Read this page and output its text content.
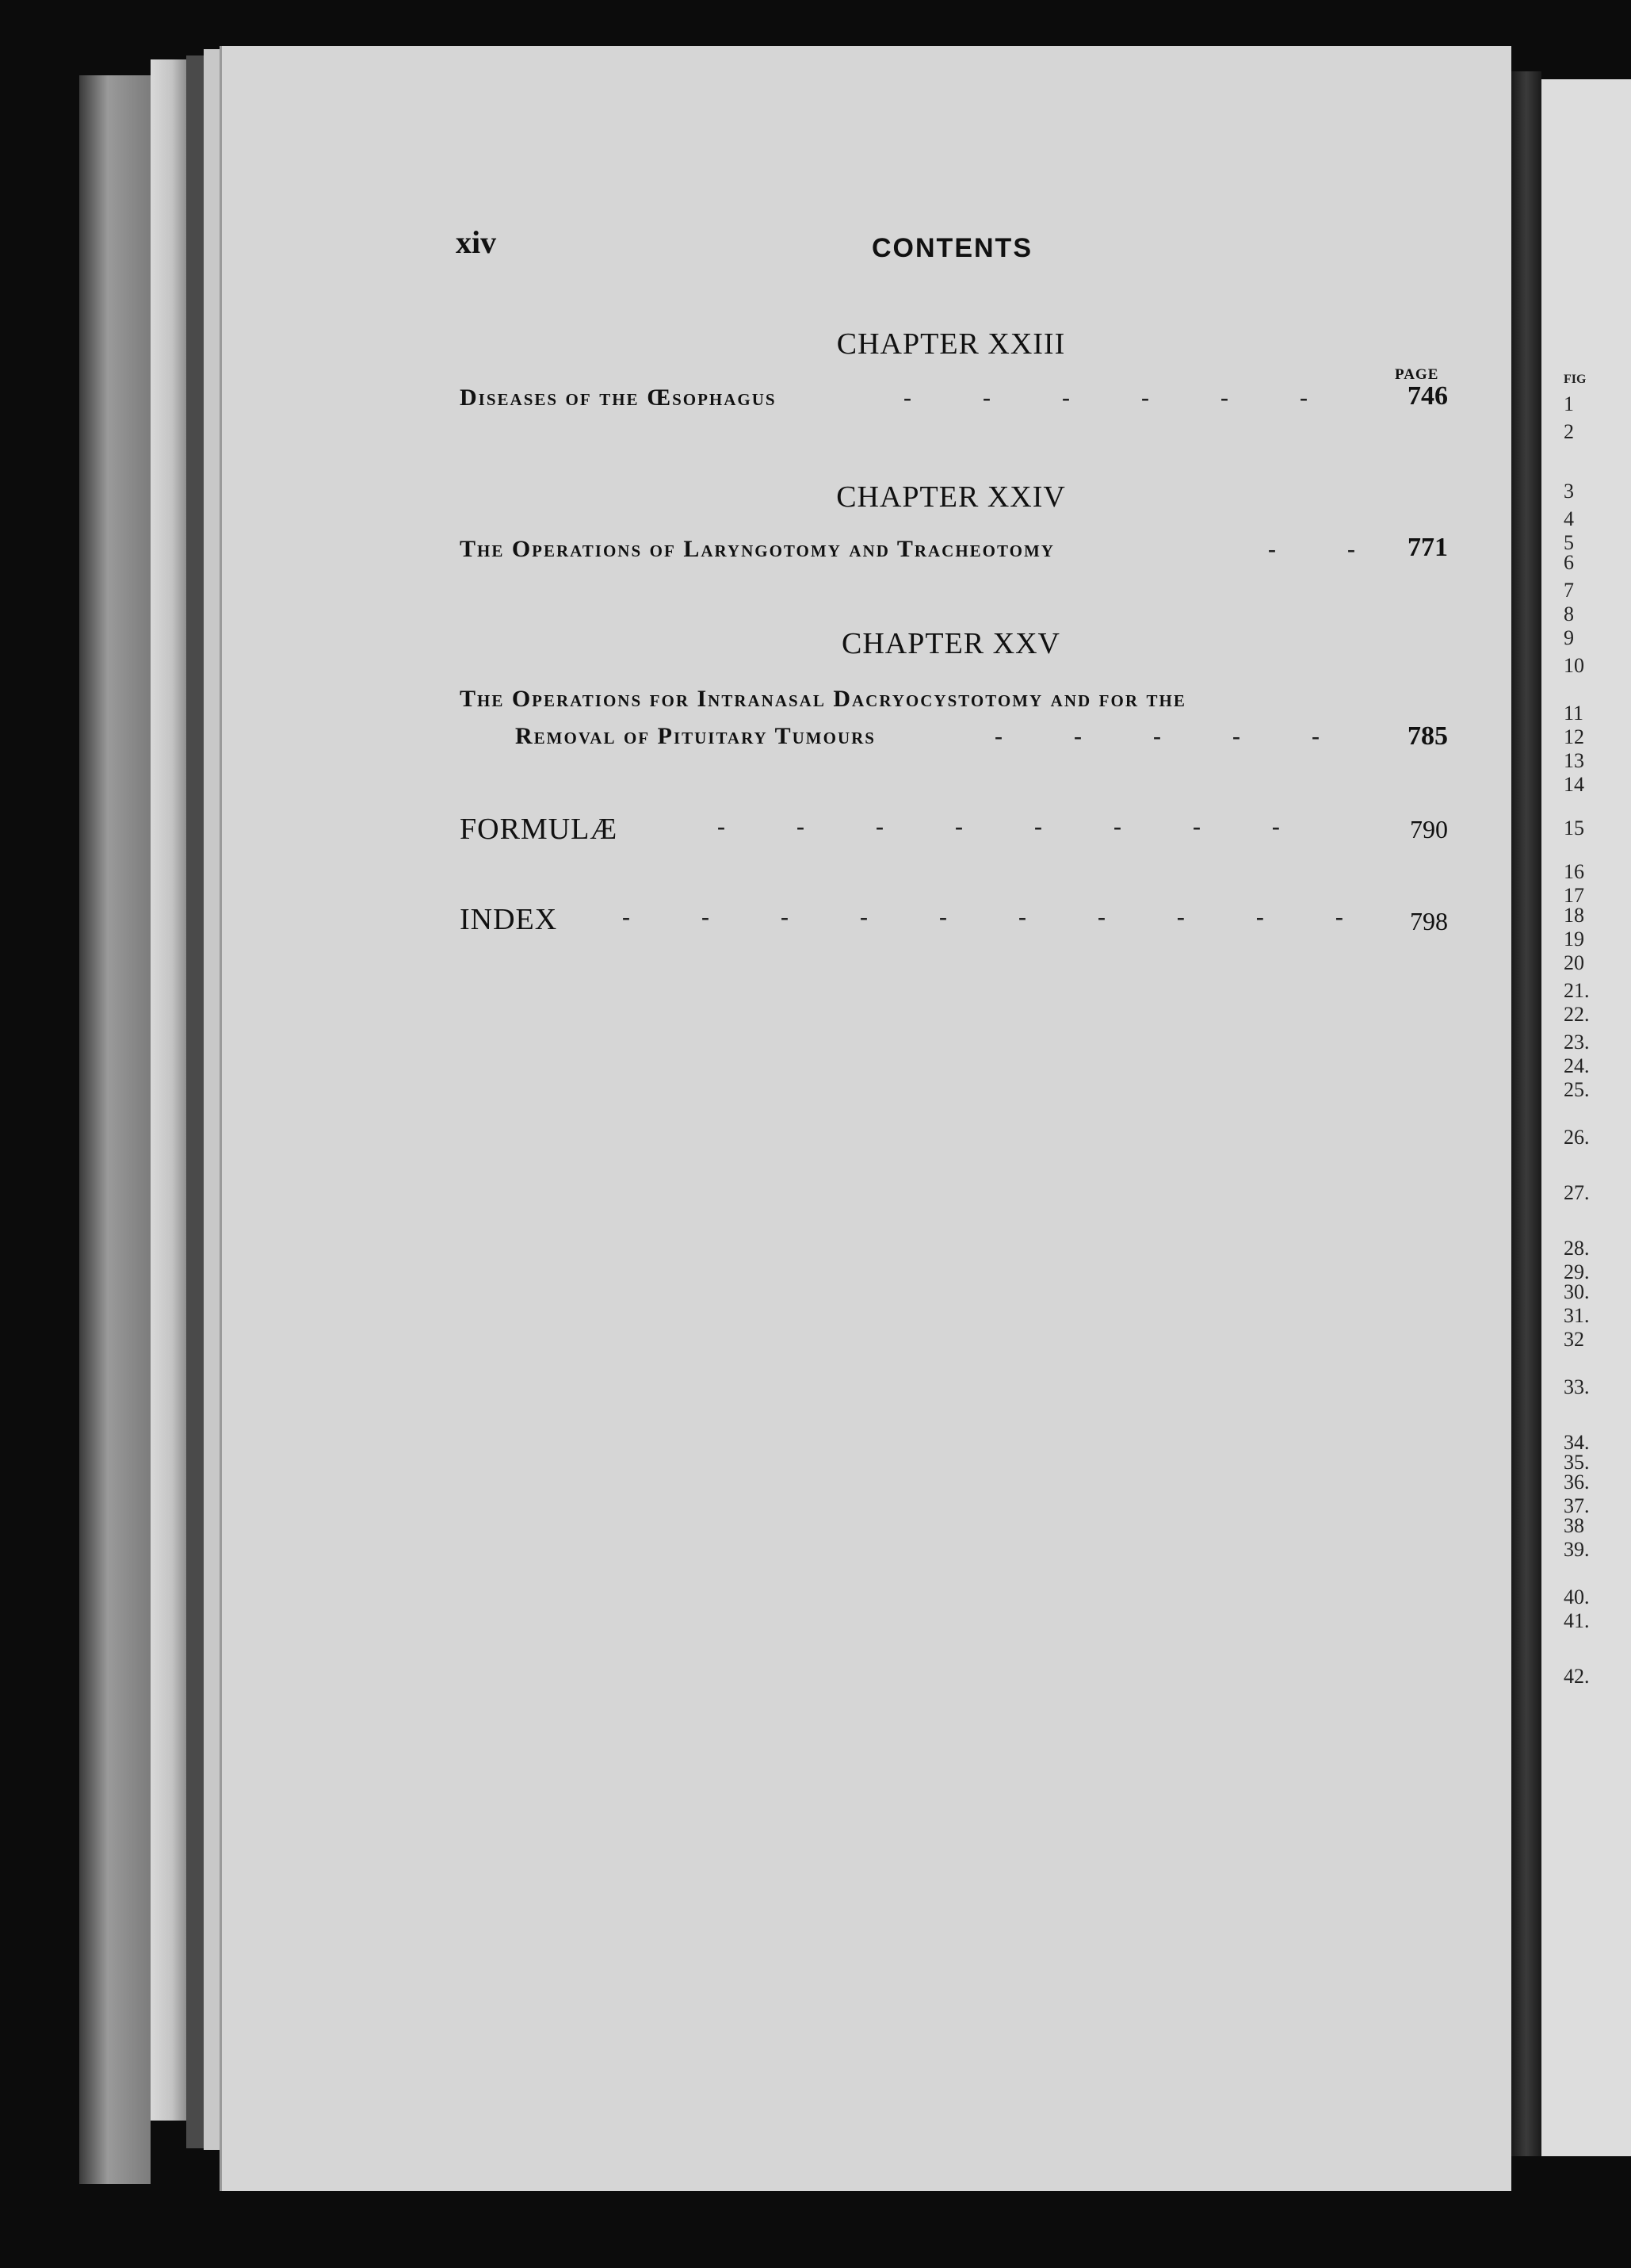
FIG
1
2
3
4
5
6
7
8
9
10
11
12
13
14
15
16
17
18
19
20
21.
22.
23.
24.
25.
26.
27.
28.
29.
30.
31.
32
33.
34.
35.
36.
37.
38
39.
40.
41.
42.
xiv	CONTENTS
CHAPTER XXIII
PAGE
Diseases of the Œsophagus	-   -   -   -   -   -	746
CHAPTER XXIV
The Operations of Laryngotomy and Tracheotomy	-   - 771
CHAPTER XXV
The Operations for Intranasal Dacryocystotomy and for the
Removal of Pituitary Tumours	-   -   -   -   -	785
FORMULÆ	-   -   -   -   -   -   -   -	790
INDEX	-   -   -   -   -   -   -   -   -   -	798
